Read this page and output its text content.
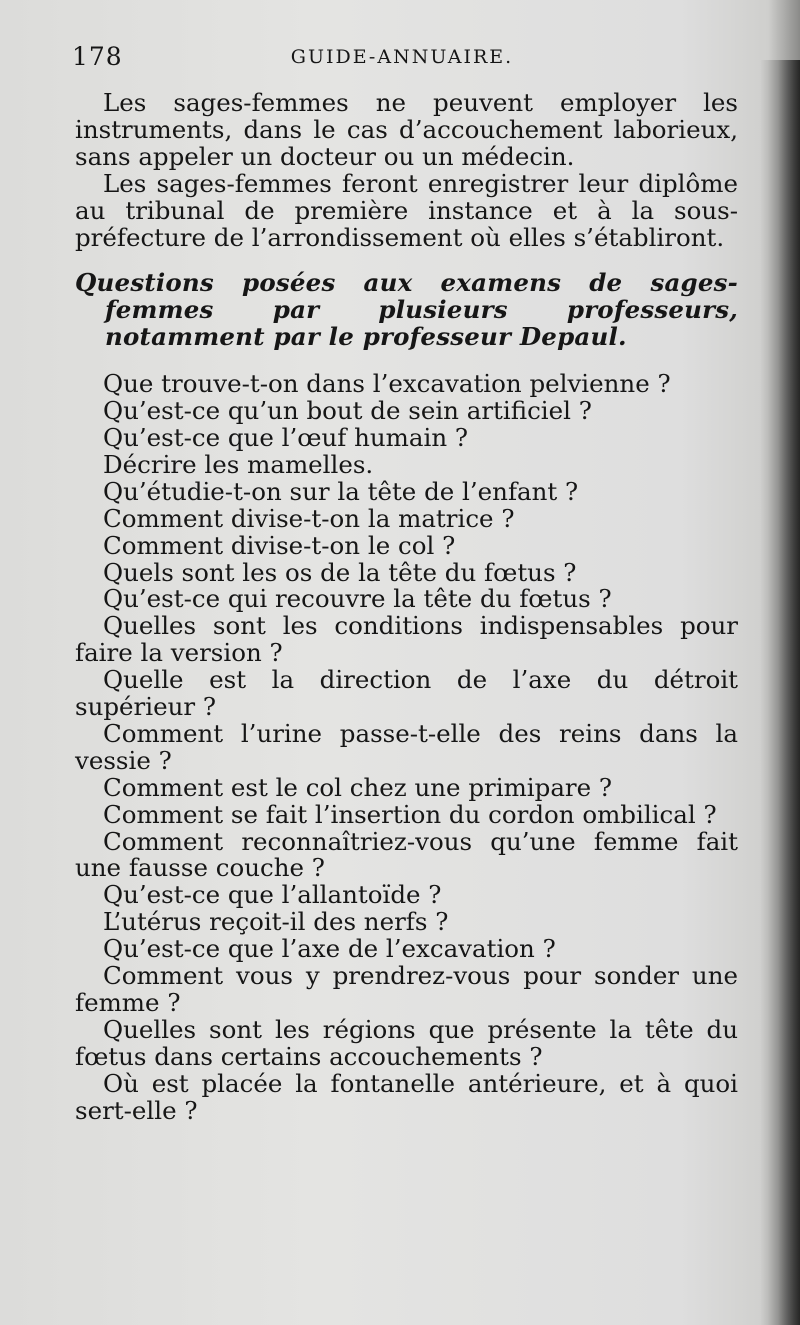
178	GUIDE-ANNUAIRE.

Les sages-femmes ne peuvent employer les instruments, dans le cas d’accouchement laborieux, sans appeler un docteur ou un médecin.

Les sages-femmes feront enregistrer leur diplôme au tribunal de première instance et à la sous-préfecture de l’arrondissement où elles s’établiront.

Questions posées aux examens de sages-femmes par plusieurs professeurs, notamment par le professeur Depaul.

Que trouve-t-on dans l’excavation pelvienne ?

Qu’est-ce qu’un bout de sein artificiel ?

Qu’est-ce que l’œuf humain ?

Décrire les mamelles.

Qu’étudie-t-on sur la tête de l’enfant ?

Comment divise-t-on la matrice ?

Comment divise-t-on le col ?

Quels sont les os de la tête du fœtus ?

Qu’est-ce qui recouvre la tête du fœtus ?

Quelles sont les conditions indispensables pour faire la version ?

Quelle est la direction de l’axe du détroit supérieur ?

Comment l’urine passe-t-elle des reins dans la vessie ?

Comment est le col chez une primipare ?

Comment se fait l’insertion du cordon ombilical ?

Comment reconnaîtriez-vous qu’une femme fait une fausse couche ?

Qu’est-ce que l’allantoïde ?

L’utérus reçoit-il des nerfs ?

Qu’est-ce que l’axe de l’excavation ?

Comment vous y prendrez-vous pour sonder une femme ?

Quelles sont les régions que présente la tête du fœtus dans certains accouchements ?

Où est placée la fontanelle antérieure, et à quoi sert-elle ?
